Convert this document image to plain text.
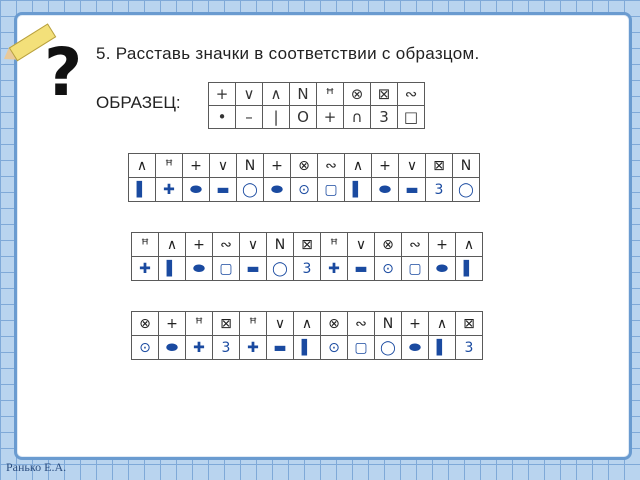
? 5. Расставь значки в соответствии с образцом.
ОБРАЗЕЦ: +	∨	∧	N	ꟸ	⊗	⊠	∾
•	–	|	O	+	∩	3	□
∧	ꟸ	+	∨	N	+	⊗	∾	∧	+	∨	⊠	N
▌	✚	⬬	▬	◯	⬬	⊙	▢	▌	⬬	▬	3	◯
ꟸ	∧	+	∾	∨	N	⊠	ꟸ	∨	⊗	∾	+	∧
✚	▌	⬬	▢	▬	◯	3	✚	▬	⊙	▢	⬬	▌
⊗	+	ꟸ	⊠	ꟸ	∨	∧	⊗	∾	N	+	∧	⊠
⊙	⬬	✚	3	✚	▬	▌	⊙	▢	◯	⬬	▌	3
Ранько Е.А.
